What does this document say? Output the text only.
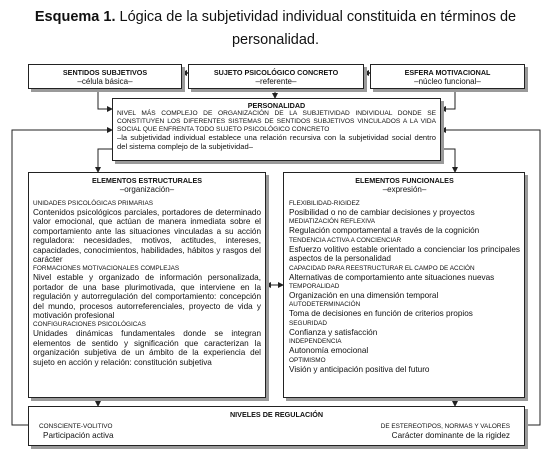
Esquema 1. Lógica de la subjetividad individual constituida en términos de
personalidad.
SENTIDOS SUBJETIVOS
–célula básica–
SUJETO PSICOLÓGICO CONCRETO
–referente–
ESFERA MOTIVACIONAL
–núcleo funcional–
PERSONALIDAD
NIVEL MÁS COMPLEJO DE ORGANIZACIÓN DE LA SUBJETIVIDAD INDIVIDUAL DONDE SE CONSTITUYEN LOS DIFERENTES SISTEMAS DE SENTIDOS SUBJETIVOS VINCULADOS A LA VIDA SOCIAL QUE ENFRENTA TODO SUJETO PSICOLÓGICO CONCRETO
–la subjetividad individual establece una relación recursiva con la subjetividad social dentro del sistema complejo de la subjetividad–
ELEMENTOS ESTRUCTURALES
–organización–
UNIDADES PSICOLÓGICAS PRIMARIAS
Contenidos psicológicos parciales, portadores de determinado valor emocional, que actúan de manera inmediata sobre el comportamiento ante las situaciones vinculadas a su acción reguladora: necesidades, motivos, actitudes, intereses, capacidades, conocimientos, habilidades, hábitos y rasgos del carácter
FORMACIONES MOTIVACIONALES COMPLEJAS
Nivel estable y organizado de información personalizada, portador de una base plurimotivada, que interviene en la regulación y autorregulación del comportamiento: concepción del mundo, procesos autorreferenciales, proyecto de vida y motivación profesional
CONFIGURACIONES PSICOLÓGICAS
Unidades dinámicas fundamentales donde se integran elementos de sentido y significación que caracterizan la organización subjetiva de un ámbito de la experiencia del sujeto en acción y relación: constitución subjetiva
ELEMENTOS FUNCIONALES
–expresión–
FLEXIBILIDAD-RIGIDEZ
Posibilidad o no de cambiar decisiones y proyectos
MEDIATIZACIÓN REFLEXIVA
Regulación comportamental a través de la cognición
TENDENCIA ACTIVA A CONCIENCIAR
Esfuerzo volitivo estable orientado a concienciar los principales aspectos de la personalidad
CAPACIDAD PARA REESTRUCTURAR EL CAMPO DE ACCIÓN
Alternativas de comportamiento ante situaciones nuevas
TEMPORALIDAD
Organización en una dimensión temporal
AUTODETERMINACIÓN
Toma de decisiones en función de criterios propios
SEGURIDAD
Confianza y satisfacción
INDEPENDENCIA
Autonomía emocional
OPTIMISMO
Visión y anticipación positiva del futuro
NIVELES DE REGULACIÓN
CONSCIENTE-VOLITIVO
Participación activa
DE ESTEREOTIPOS, NORMAS Y VALORES
Carácter dominante de la rigidez
